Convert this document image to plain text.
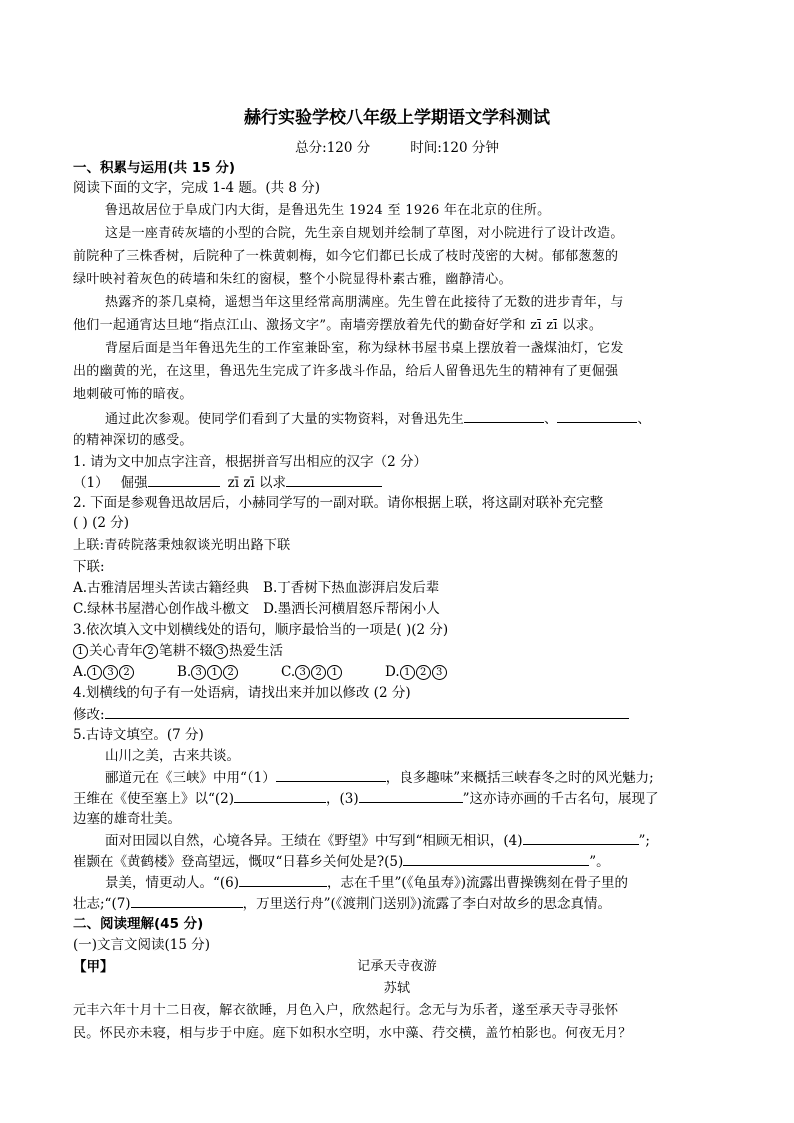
赫行实验学校八年级上学期语文学科测试
总分:120 分	时间:120 分钟
一、积累与运用(共 15 分)
阅读下面的文字，完成 1-4 题。(共 8 分)
鲁迅故居位于阜成门内大街，是鲁迅先生 1924 至 1926 年在北京的住所。
这是一座青砖灰墙的小型的合院，先生亲自规划并绘制了草图，对小院进行了设计改造。
前院种了三株香树，后院种了一株黄刺梅，如今它们都已长成了枝时茂密的大树。郁郁葱葱的
绿叶映衬着灰色的砖墙和朱红的窗棂，整个小院显得朴素古雅，幽静清心。
热露齐的茶几桌椅，遥想当年这里经常高朋满座。先生曾在此接待了无数的进步青年，与
他们一起通宵达旦地“指点江山、激扬文字”。南墙旁摆放着先代的勤奋好学和 zī zī 以求。
背屋后面是当年鲁迅先生的工作室兼卧室，称为绿林书屋书桌上摆放着一盏煤油灯，它发
出的幽黄的光，在这里，鲁迅先生完成了许多战斗作品，给后人留鲁迅先生的精神有了更倔强
地刺破可怖的暗夜。
通过此次参观。使同学们看到了大量的实物资料，对鲁迅先生	、	、
的精神深切的感受。
1. 请为文中加点字注音，根据拼音写出相应的汉字（2 分）
（1） 倔强	zī zī 以求
2. 下面是参观鲁迅故居后，小赫同学写的一副对联。请你根据上联，将这副对联补充完整
( ) (2 分)
上联:青砖院落秉烛叙谈光明出路下联
下联:
A.古雅清居埋头苦读古籍经典 B.丁香树下热血澎湃启发后辈
C.绿林书屋潜心创作战斗檄文 D.墨洒长河横眉怒斥帮闲小人
3.依次填入文中划横线处的语句，顺序最恰当的一项是( )(2 分)
1 关心青年 2 笔耕不辍 3 热爱生活
A. 1 3 2	B. 3 1 2	C. 3 2 1	D. 1 2 3
4.划横线的句子有一处语病，请找出来并加以修改 (2 分)
修改:
5.古诗文填空。(7 分)
山川之美，古来共谈。
郦道元在《三峡》中用“（1）	，良多趣味”来概括三峡春冬之时的风光魅力;
王维在《使至塞上》以“(2)	，(3)	”这亦诗亦画的千古名句，展现了
边塞的雄奇壮美。
面对田园以自然，心境各异。王绩在《野望》中写到“相顾无相识，(4)	”;
崔颢在《黄鹤楼》登高望远，慨叹“日暮乡关何处是?(5)	”。
景美，情更动人。“(6)	，志在千里”(《龟虽寿》)流露出曹操镌刻在骨子里的
壮志;“(7)	，万里送行舟”(《渡荆门送别》)流露了李白对故乡的思念真情。
二、阅读理解(45 分)
(一)文言文阅读(15 分)
【甲】	记承天寺夜游
苏轼
元丰六年十月十二日夜，解衣欲睡，月色入户，欣然起行。念无与为乐者，遂至承天寺寻张怀
民。怀民亦未寝，相与步于中庭。庭下如积水空明，水中藻、荇交横，盖竹柏影也。何夜无月？
